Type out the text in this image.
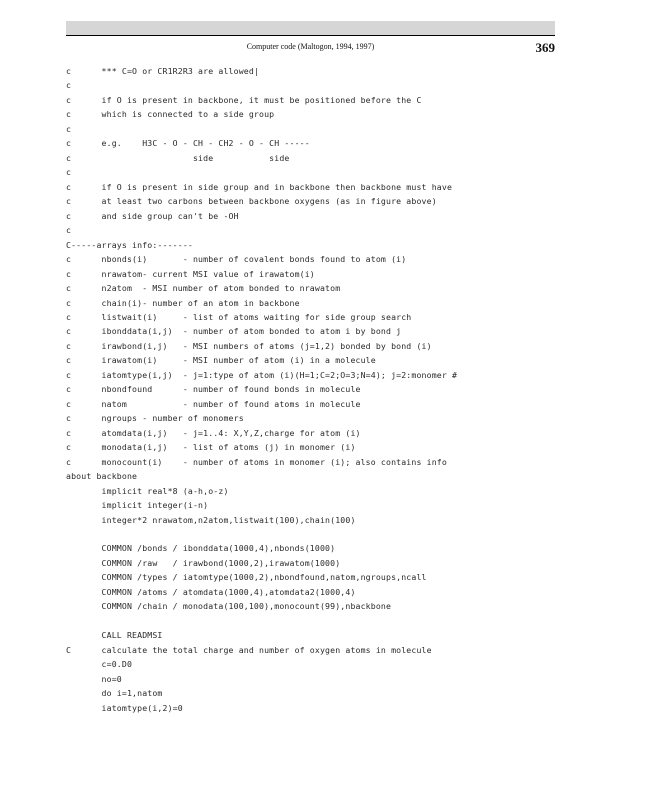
Computer code (Maltogon, 1994, 1997)	369
c      *** C=O or CR1R2R3 are allowed|
c
c      if O is present in backbone, it must be positioned before the C
c      which is connected to a side group
c
c      e.g.    H3C - O - CH - CH2 - O - CH -----
c                        side           side
c
c      if O is present in side group and in backbone then backbone must have
c      at least two carbons between backbone oxygens (as in figure above)
c      and side group can't be -OH
c
C-----arrays info:-------
c      nbonds(i)       - number of covalent bonds found to atom (i)
c      nrawatom- current MSI value of irawatom(i)
c      n2atom  - MSI number of atom bonded to nrawatom
c      chain(i)- number of an atom in backbone
c      listwait(i)     - list of atoms waiting for side group search
c      ibonddata(i,j)  - number of atom bonded to atom i by bond j
c      irawbond(i,j)   - MSI numbers of atoms (j=1,2) bonded by bond (i)
c      irawatom(i)     - MSI number of atom (i) in a molecule
c      iatomtype(i,j)  - j=1:type of atom (i)(H=1;C=2;O=3;N=4); j=2:monomer #
c      nbondfound      - number of found bonds in molecule
c      natom           - number of found atoms in molecule
c      ngroups - number of monomers
c      atomdata(i,j)   - j=1..4: X,Y,Z,charge for atom (i)
c      monodata(i,j)   - list of atoms (j) in monomer (i)
c      monocount(i)    - number of atoms in monomer (i); also contains info
about backbone
implicit real*8 (a-h,o-z)
implicit integer(i-n)
integer*2 nrawatom,n2atom,listwait(100),chain(100)
COMMON /bonds / ibonddata(1000,4),nbonds(1000)
COMMON /raw   / irawbond(1000,2),irawatom(1000)
COMMON /types / iatomtype(1000,2),nbondfound,natom,ngroups,ncall
COMMON /atoms / atomdata(1000,4),atomdata2(1000,4)
COMMON /chain / monodata(100,100),monocount(99),nbackbone
CALL READMSI
C      calculate the total charge and number of oxygen atoms in molecule
c=0.D0
no=0
do i=1,natom
iatomtype(i,2)=0
